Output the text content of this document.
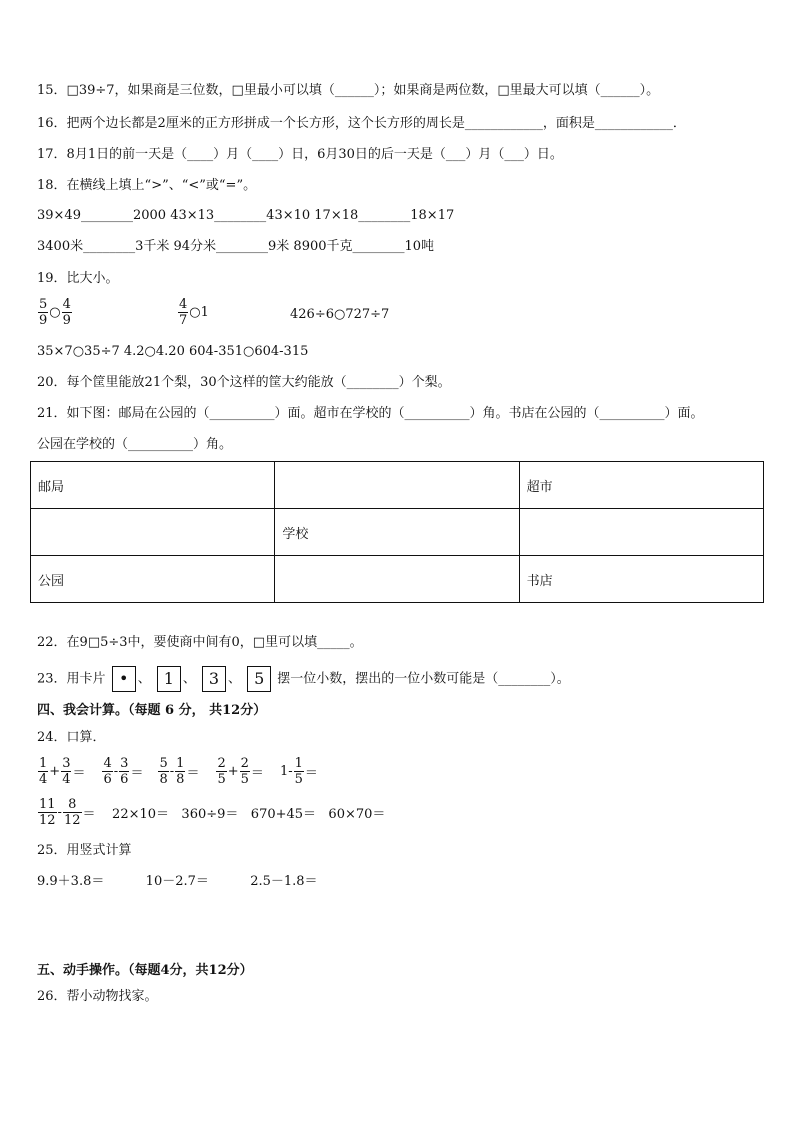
15．□39÷7，如果商是三位数，□里最小可以填（______）；如果商是两位数，□里最大可以填（______）。
16．把两个边长都是2厘米的正方形拼成一个长方形，这个长方形的周长是____________，面积是____________．
17．8月1日的前一天是（____）月（____）日，6月30日的后一天是（___）月（___）日。
18．在横线上填上“>”、“<”或“=”。
39×49________2000 43×13________43×10 17×18________18×17
3400米________3千米 94分米________9米 8900千克________10吨
19．比大小。
$\frac{5}{9}$ ○ $\frac{4}{9}$	$\frac{4}{7}$ ○1	426÷6○727÷7
35×7○35÷7 4.2○4.20 604-351○604-315
20．每个筐里能放21个梨，30个这样的筐大约能放（________）个梨。
21．如下图：邮局在公园的（__________）面。超市在学校的（__________）角。书店在公园的（__________）面。
公园在学校的（__________）角。
邮局		超市
	学校	
公园		书店
22．在9□5÷3中，要使商中间有0，□里可以填_____。
23．用卡片 • 、 1 、 3 、 5 摆一位小数，摆出的一位小数可能是（________）。
四、我会计算。（每题 6 分， 共12分）
24．口算．
$\frac{1}{4} + \frac{3}{4} = \frac{4}{6} - \frac{3}{6} = \frac{5}{8} - \frac{1}{8} = \frac{2}{5} + \frac{2}{5} = 1- \frac{1}{5}$ ＝
$\frac{11}{12} - \frac{8}{12} = 22\times 10= 360\div 9= 670+45= 60\times 70=$
25．用竖式计算
9.9＋3.8＝          10－2.7＝          2.5－1.8＝
五、动手操作。（每题4分，共12分）
26．帮小动物找家。
